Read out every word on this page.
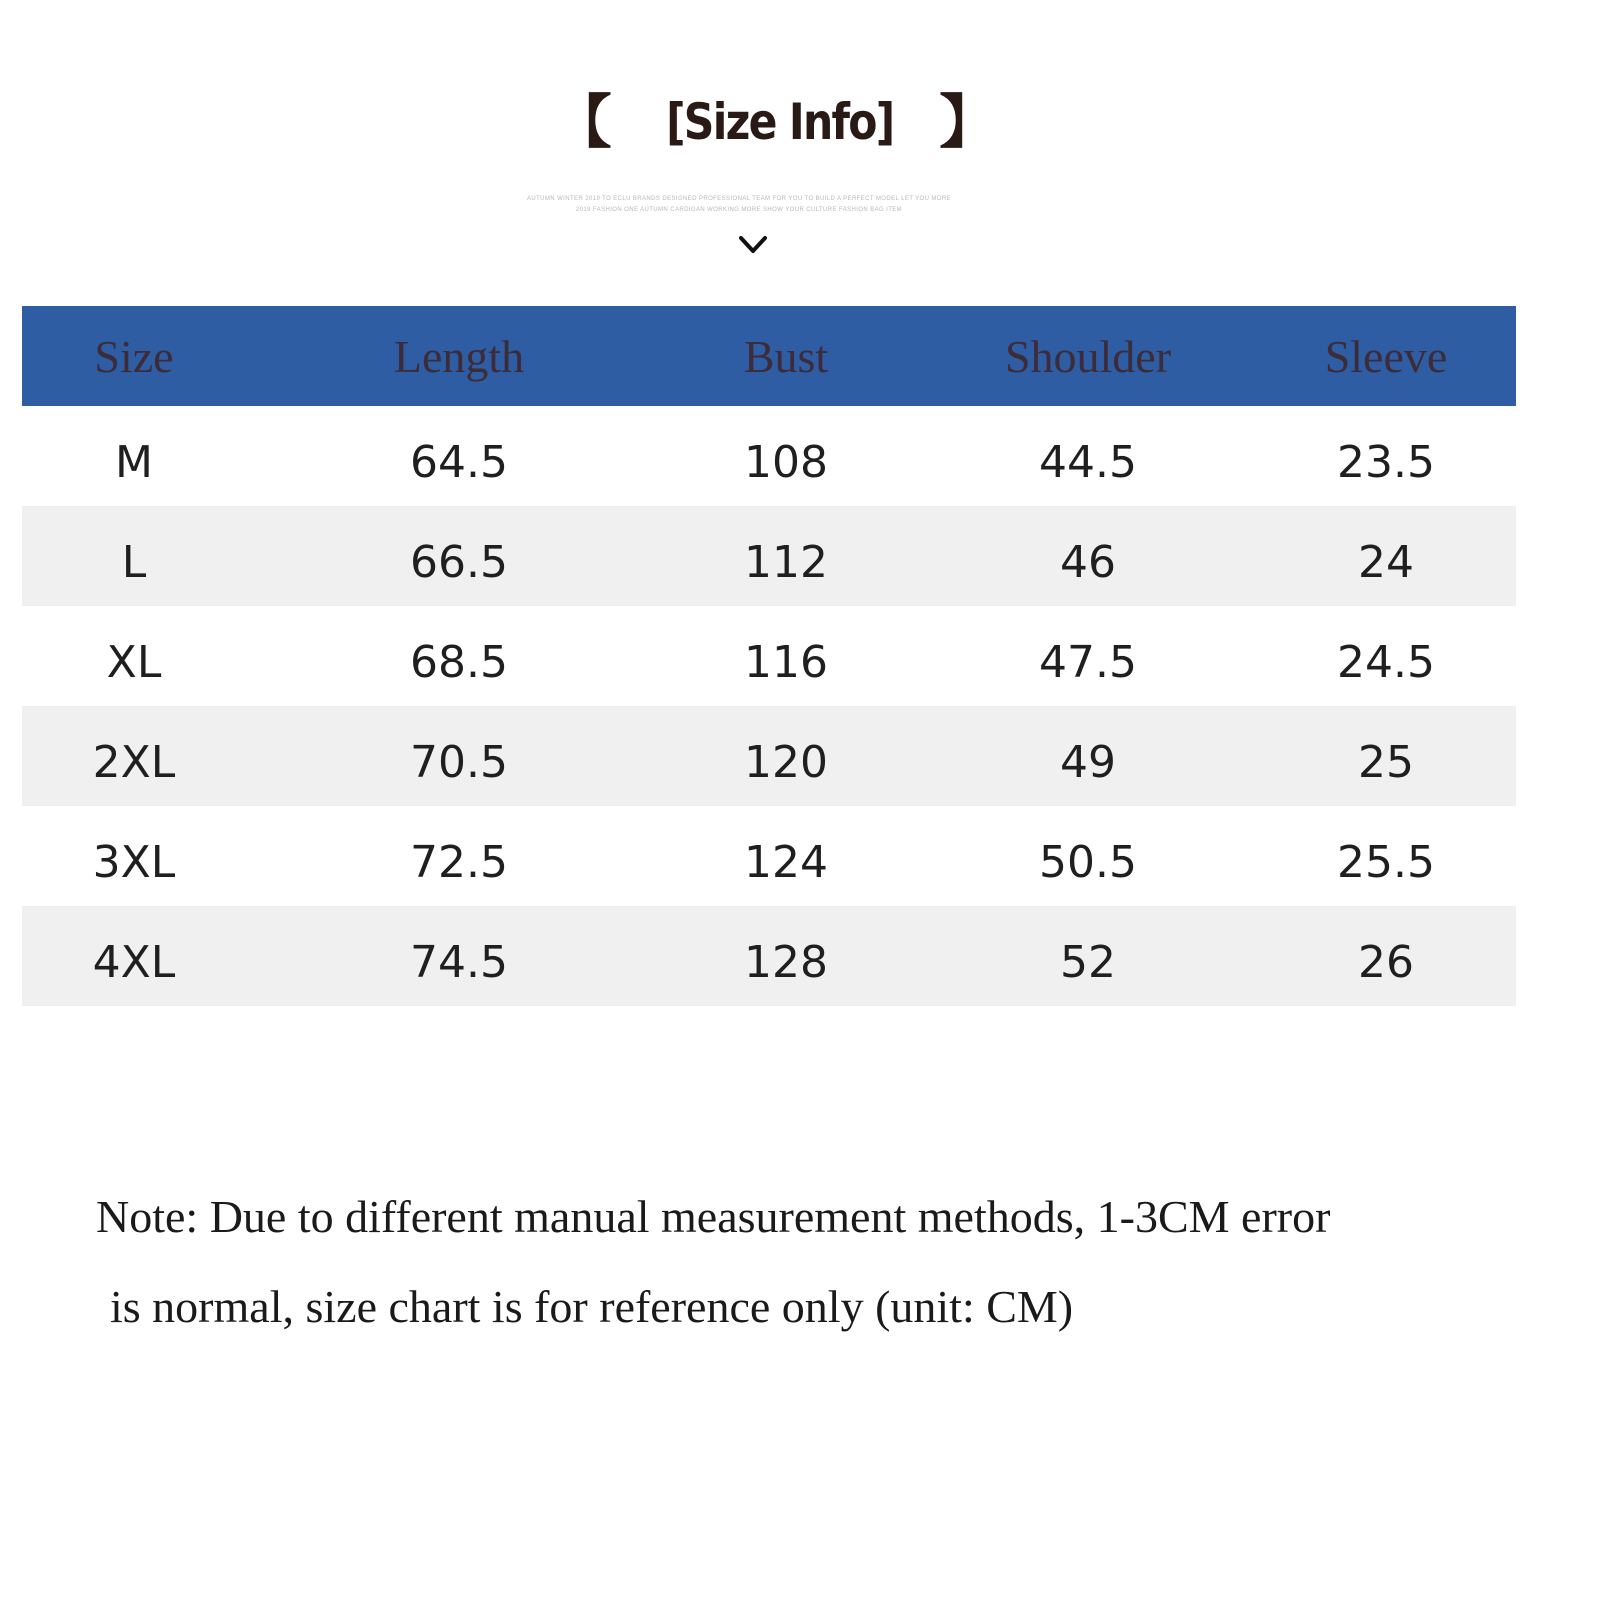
【 [Size Info] 】
AUTUMN WINTER 2019 TO ECLU BRANDS DESIGNED PROFESSIONAL TEAM FOR YOU TO BUILD A PERFECT MODEL LET YOU MORE
2019 FASHION ONE AUTUMN CARDIGAN WORKING MORE SHOW YOUR CULTURE FASHION BAG ITEM
Size	Length	Bust	Shoulder	Sleeve
M	64.5	108	44.5	23.5
L	66.5	112	46	24
XL	68.5	116	47.5	24.5
2XL	70.5	120	49	25
3XL	72.5	124	50.5	25.5
4XL	74.5	128	52	26
Note: Due to different manual measurement methods, 1-3CM error
is normal, size chart is for reference only (unit: CM)
